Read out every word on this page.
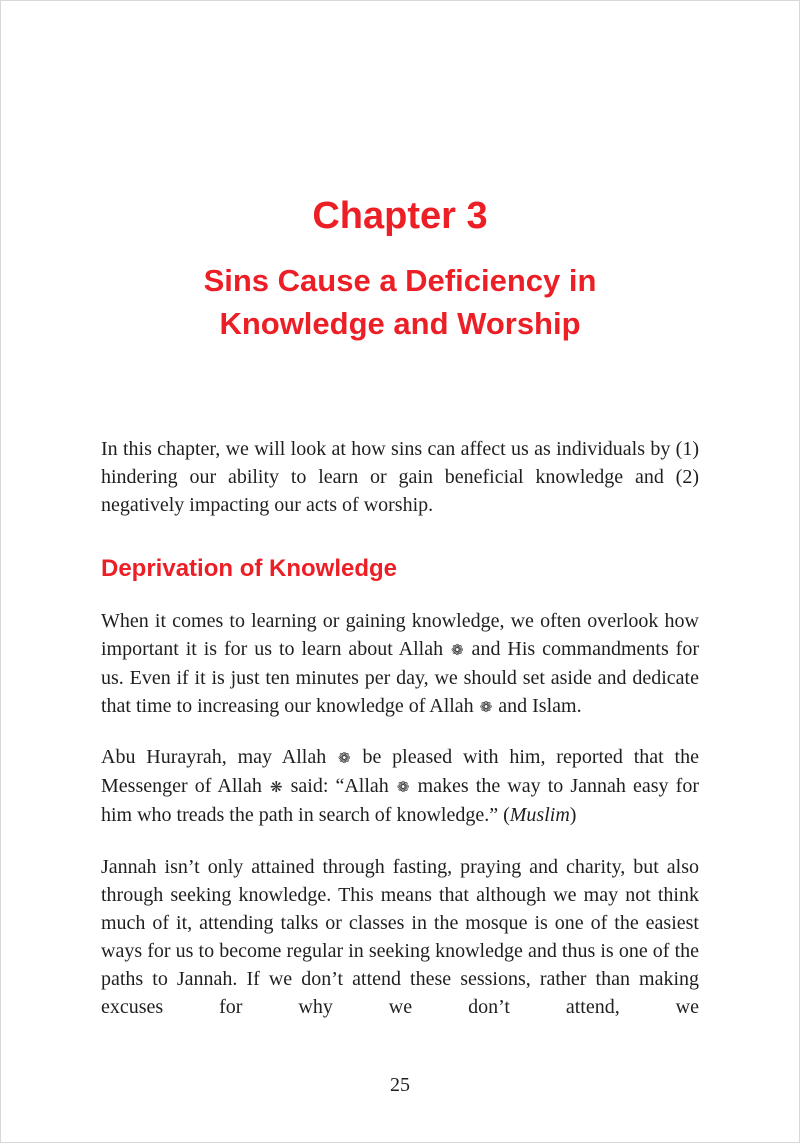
Chapter 3
Sins Cause a Deficiency in
Knowledge and Worship

In this chapter, we will look at how sins can affect us as individuals by (1) hindering our ability to learn or gain beneficial knowledge and (2) negatively impacting our acts of worship.

Deprivation of Knowledge

When it comes to learning or gaining knowledge, we often overlook how important it is for us to learn about Allah ❁ and His commandments for us. Even if it is just ten minutes per day, we should set aside and dedicate that time to increasing our knowledge of Allah ❁ and Islam.

Abu Hurayrah, may Allah ❁ be pleased with him, reported that the Messenger of Allah ❋ said: “Allah ❁ makes the way to Jannah easy for him who treads the path in search of knowledge.” (Muslim)

Jannah isn’t only attained through fasting, praying and charity, but also through seeking knowledge. This means that although we may not think much of it, attending talks or classes in the mosque is one of the easiest ways for us to become regular in seeking knowledge and thus is one of the paths to Jannah. If we don’t attend these sessions, rather than making excuses for why we don’t attend, we

25
